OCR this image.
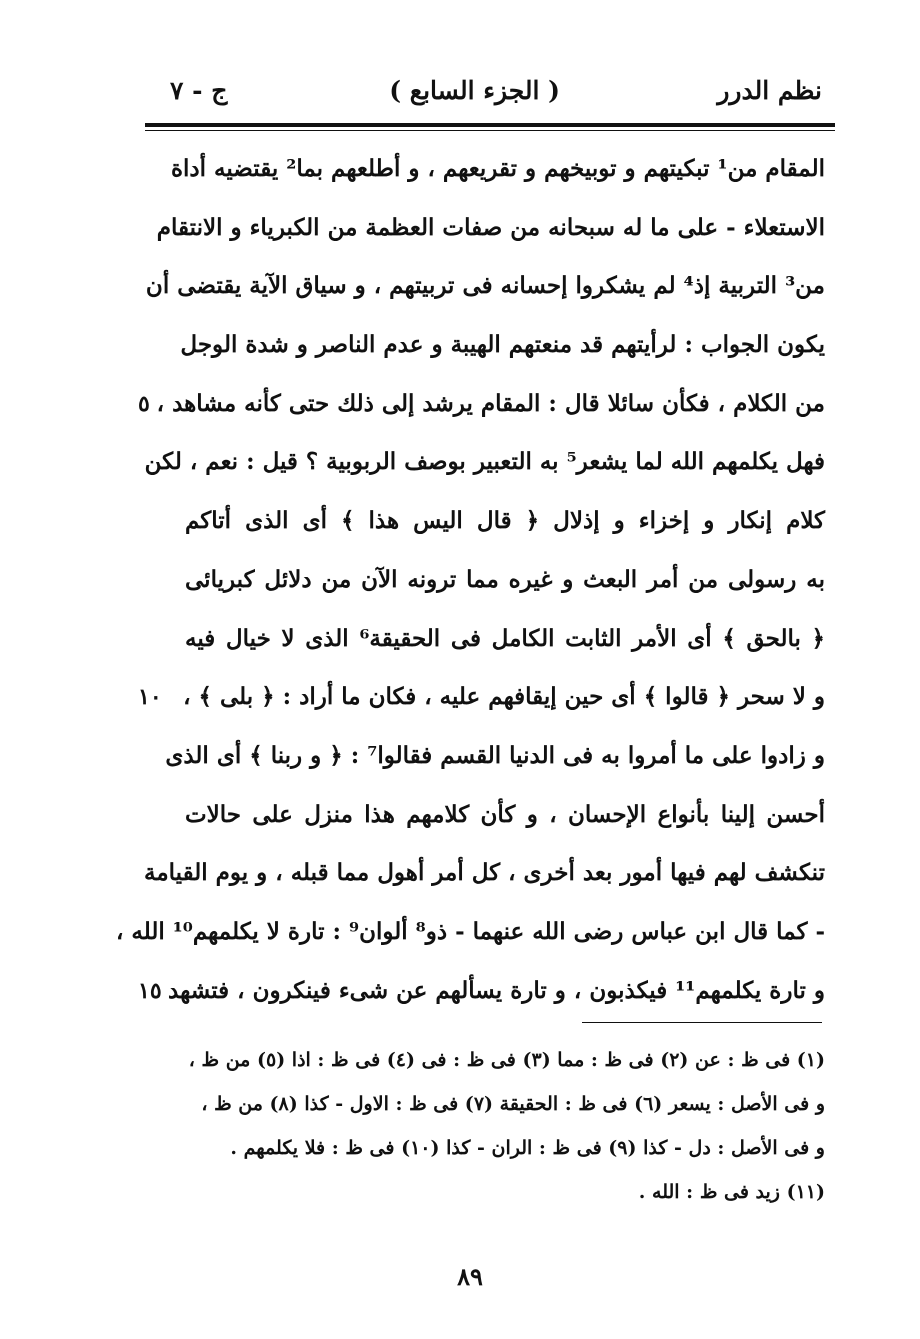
نظم الدرر
( الجزء السابع )
ج - ٧
المقام من¹ تبكيتهم و توبيخهم و تقريعهم ، و أطلعهم بما² يقتضيه أداة
الاستعلاء - على ما له سبحانه من صفات العظمة من الكبرياء و الانتقام
من³ التربية إذ⁴ لم يشكروا إحسانه فى تربيتهم ، و سياق الآية يقتضى أن
يكون الجواب : لرأيتهم قد منعتهم الهيبة و عدم الناصر و شدة الوجل
من الكلام ، فكأن سائلا قال : المقام يرشد إلى ذلك حتى كأنه مشاهد ،
فهل يكلمهم الله لما يشعر⁵ به التعبير بوصف الربوبية ؟ قيل : نعم ، لكن
كلام إنكار و إخزاء و إذلال ﴿ قال اليس هذا ﴾ أى الذى أتاكم
به رسولى من أمر البعث و غيره مما ترونه الآن من دلائل كبريائى
﴿ بالحق ﴾ أى الأمر الثابت الكامل فى الحقيقة⁶ الذى لا خيال فيه
و لا سحر ﴿ قالوا ﴾ أى حين إيقافهم عليه ، فكان ما أراد : ﴿ بلى ﴾ ،
و زادوا على ما أمروا به فى الدنيا القسم فقالوا⁷ : ﴿ و ربنا ﴾ أى الذى
أحسن إلينا بأنواع الإحسان ، و كأن كلامهم هذا منزل على حالات
تنكشف لهم فيها أمور بعد أخرى ، كل أمر أهول مما قبله ، و يوم القيامة
- كما قال ابن عباس رضى الله عنهما - ذو⁸ ألوان⁹ : تارة لا يكلمهم¹⁰ الله ،
و تارة يكلمهم¹¹ فيكذبون ، و تارة يسألهم عن شىء فينكرون ، فتشهد
٥
١٠
١٥
(١) فى ظ : عن (٢) فى ظ : مما (٣) فى ظ : فى (٤) فى ظ : اذا (٥) من ظ ،
و فى الأصل : يسعر (٦) فى ظ : الحقيقة (٧) فى ظ : الاول - كذا (٨) من ظ ،
و فى الأصل : دل - كذا (٩) فى ظ : الران - كذا (١٠) فى ظ : فلا يكلمهم .
(١١) زيد فى ظ : الله .
٨٩
